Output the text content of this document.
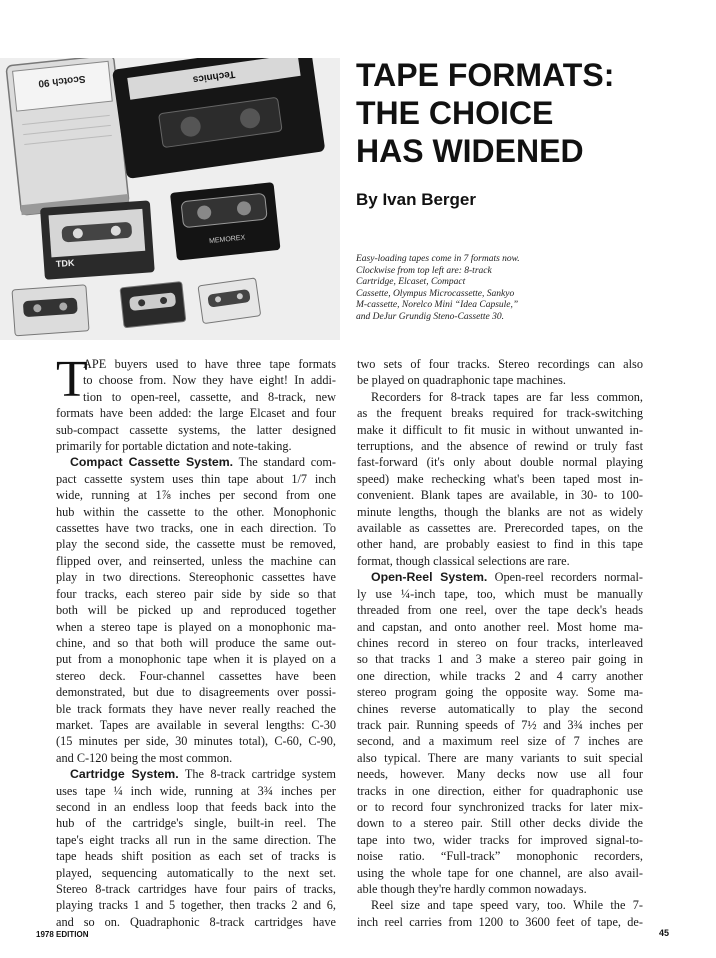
Scotch 90	Technics
TDK
MEMOREX
TAPE FORMATS:
THE CHOICE
HAS WIDENED
By Ivan Berger
Easy-loading tapes come in 7 formats now.
Clockwise from top left are: 8-track
Cartridge, Elcaset, Compact
Cassette, Olympus Microcassette, Sankyo
M-cassette, Norelco Mini “Idea Capsule,”
and DeJur Grundig Steno-Cassette 30.
T
APE buyers used to have three tape formats
to choose from. Now they have eight! In addi-
tion to open-reel, cassette, and 8-track, new
formats have been added: the large Elcaset and four
sub-compact cassette systems, the latter designed
primarily for portable dictation and note-taking.
Compact Cassette System. The standard com-
pact cassette system uses thin tape about 1/7 inch
wide, running at 1⅞ inches per second from one
hub within the cassette to the other. Monophonic
cassettes have two tracks, one in each direction. To
play the second side, the cassette must be removed,
flipped over, and reinserted, unless the machine can
play in two directions. Stereophonic cassettes have
four tracks, each stereo pair side by side so that
both will be picked up and reproduced together
when a stereo tape is played on a monophonic ma-
chine, and so that both will produce the same out-
put from a monophonic tape when it is played on a
stereo deck. Four-channel cassettes have been
demonstrated, but due to disagreements over possi-
ble track formats they have never really reached the
market. Tapes are available in several lengths: C-30
(15 minutes per side, 30 minutes total), C-60, C-90,
and C-120 being the most common.
Cartridge System. The 8-track cartridge system
uses tape ¼ inch wide, running at 3¾ inches per
second in an endless loop that feeds back into the
hub of the cartridge's single, built-in reel. The
tape's eight tracks all run in the same direction. The
tape heads shift position as each set of tracks is
played, sequencing automatically to the next set.
Stereo 8-track cartridges have four pairs of tracks,
playing tracks 1 and 5 together, then tracks 2 and 6,
and so on. Quadraphonic 8-track cartridges have
two sets of four tracks. Stereo recordings can also
be played on quadraphonic tape machines.
Recorders for 8-track tapes are far less common,
as the frequent breaks required for track-switching
make it difficult to fit music in without unwanted in-
terruptions, and the absence of rewind or truly fast
fast-forward (it's only about double normal playing
speed) make rechecking what's been taped most in-
convenient. Blank tapes are available, in 30- to 100-
minute lengths, though the blanks are not as widely
available as cassettes are. Prerecorded tapes, on the
other hand, are probably easiest to find in this tape
format, though classical selections are rare.
Open-Reel System. Open-reel recorders normal-
ly use ¼-inch tape, too, which must be manually
threaded from one reel, over the tape deck's heads
and capstan, and onto another reel. Most home ma-
chines record in stereo on four tracks, interleaved
so that tracks 1 and 3 make a stereo pair going in
one direction, while tracks 2 and 4 carry another
stereo program going the opposite way. Some ma-
chines reverse automatically to play the second
track pair. Running speeds of 7½ and 3¾ inches per
second, and a maximum reel size of 7 inches are
also typical. There are many variants to suit special
needs, however. Many decks now use all four
tracks in one direction, either for quadraphonic use
or to record four synchronized tracks for later mix-
down to a stereo pair. Still other decks divide the
tape into two, wider tracks for improved signal-to-
noise ratio. “Full-track” monophonic recorders,
using the whole tape for one channel, are also avail-
able though they're hardly common nowadays.
Reel size and tape speed vary, too. While the 7-
inch reel carries from 1200 to 3600 feet of tape, de-
1978 EDITION	45
